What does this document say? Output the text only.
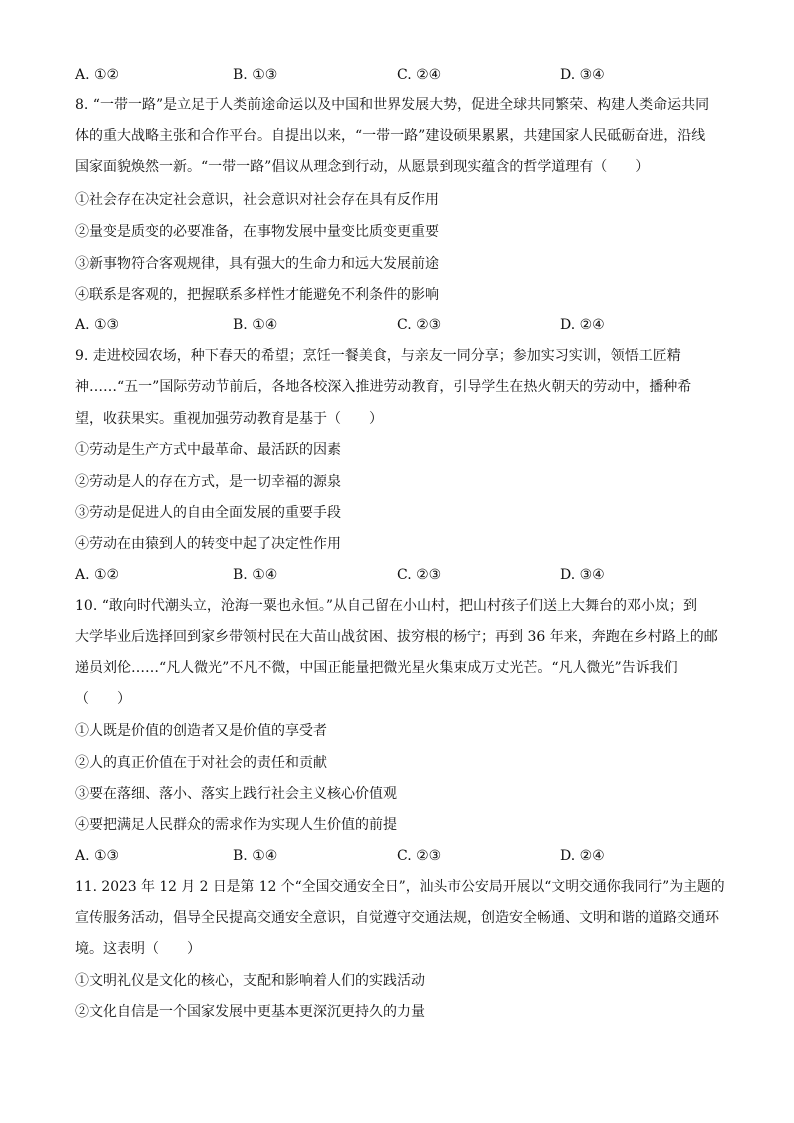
A. ①②	B. ①③	C. ②④	D. ③④
8. “一带一路”是立足于人类前途命运以及中国和世界发展大势，促进全球共同繁荣、构建人类命运共同
体的重大战略主张和合作平台。自提出以来，“一带一路”建设硕果累累，共建国家人民砥砺奋进，沿线
国家面貌焕然一新。“一带一路”倡议从理念到行动，从愿景到现实蕴含的哲学道理有（　　）
①社会存在决定社会意识，社会意识对社会存在具有反作用
②量变是质变的必要准备，在事物发展中量变比质变更重要
③新事物符合客观规律，具有强大的生命力和远大发展前途
④联系是客观的，把握联系多样性才能避免不利条件的影响
A. ①③	B. ①④	C. ②③	D. ②④
9. 走进校园农场，种下春天的希望；烹饪一餐美食，与亲友一同分享；参加实习实训，领悟工匠精
神……“五一”国际劳动节前后，各地各校深入推进劳动教育，引导学生在热火朝天的劳动中，播种希
望，收获果实。重视加强劳动教育是基于（　　）
①劳动是生产方式中最革命、最活跃的因素
②劳动是人的存在方式，是一切幸福的源泉
③劳动是促进人的自由全面发展的重要手段
④劳动在由猿到人的转变中起了决定性作用
A. ①②	B. ①④	C. ②③	D. ③④
10. “敢向时代潮头立，沧海一粟也永恒。”从自己留在小山村，把山村孩子们送上大舞台的邓小岚；到
大学毕业后选择回到家乡带领村民在大苗山战贫困、拔穷根的杨宁；再到 36 年来，奔跑在乡村路上的邮
递员刘伦……“凡人微光”不凡不微，中国正能量把微光星火集束成万丈光芒。“凡人微光”告诉我们
（　　）
①人既是价值的创造者又是价值的享受者
②人的真正价值在于对社会的责任和贡献
③要在落细、落小、落实上践行社会主义核心价值观
④要把满足人民群众的需求作为实现人生价值的前提
A. ①③	B. ①④	C. ②③	D. ②④
11. 2023 年 12 月 2 日是第 12 个“全国交通安全日”，汕头市公安局开展以“文明交通你我同行”为主题的
宣传服务活动，倡导全民提高交通安全意识，自觉遵守交通法规，创造安全畅通、文明和谐的道路交通环
境。这表明（　　）
①文明礼仪是文化的核心，支配和影响着人们的实践活动
②文化自信是一个国家发展中更基本更深沉更持久的力量
